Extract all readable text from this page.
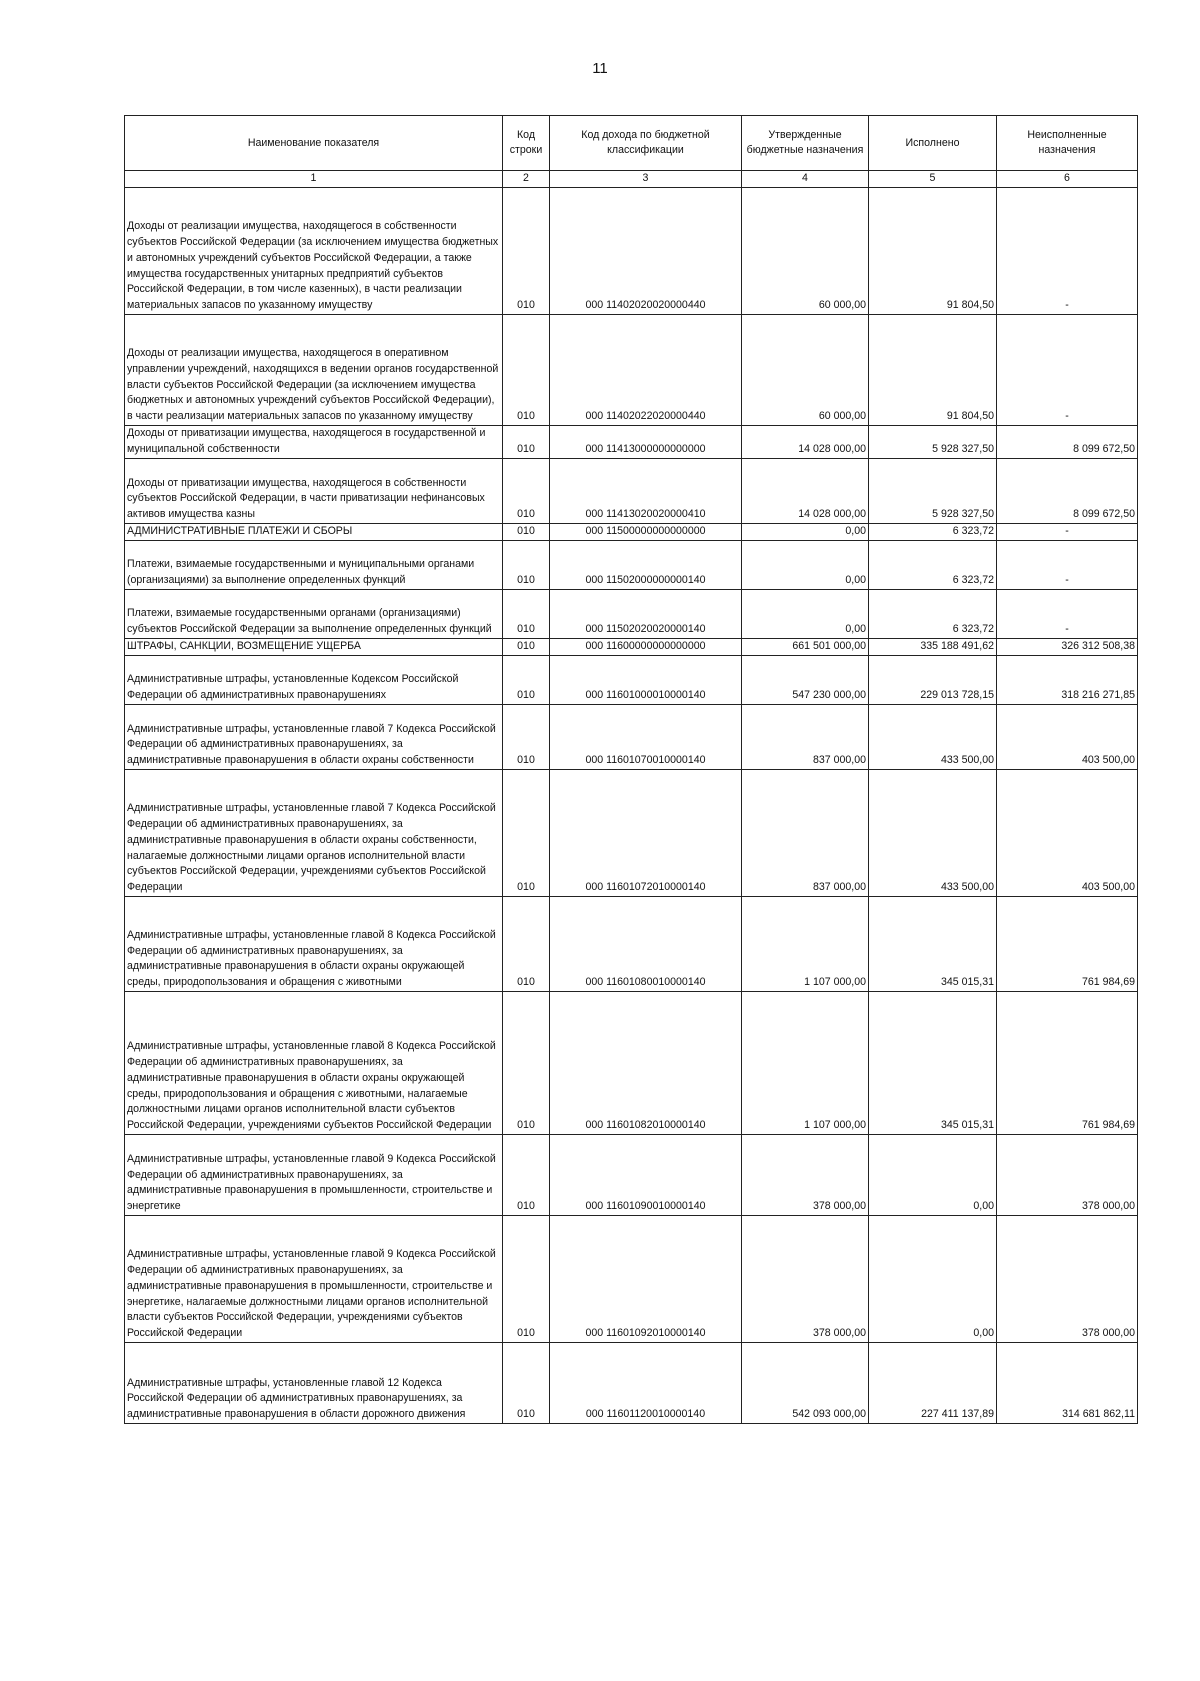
11
Наименование показателя	Код строки	Код дохода по бюджетной классификации	Утвержденные бюджетные назначения	Исполнено	Неисполненные назначения
1	2	3	4	5	6
Доходы от реализации имущества, находящегося в собственности субъектов Российской Федерации (за исключением имущества бюджетных и автономных учреждений субъектов Российской Федерации, а также имущества государственных унитарных предприятий субъектов Российской Федерации, в том числе казенных), в части реализации материальных запасов по указанному имуществу	010	000 11402020020000440	60 000,00	91 804,50	-
Доходы от реализации имущества, находящегося в оперативном управлении учреждений, находящихся в ведении органов государственной власти субъектов Российской Федерации (за исключением имущества бюджетных и автономных учреждений субъектов Российской Федерации), в части реализации материальных запасов по указанному имуществу	010	000 11402022020000440	60 000,00	91 804,50	-
Доходы от приватизации имущества, находящегося в государственной и муниципальной собственности	010	000 11413000000000000	14 028 000,00	5 928 327,50	8 099 672,50
Доходы от приватизации имущества, находящегося в собственности субъектов Российской Федерации, в части приватизации нефинансовых активов имущества казны	010	000 11413020020000410	14 028 000,00	5 928 327,50	8 099 672,50
АДМИНИСТРАТИВНЫЕ ПЛАТЕЖИ И СБОРЫ	010	000 11500000000000000	0,00	6 323,72	-
Платежи, взимаемые государственными и муниципальными органами (организациями) за выполнение определенных функций	010	000 11502000000000140	0,00	6 323,72	-
Платежи, взимаемые государственными органами (организациями) субъектов Российской Федерации за выполнение определенных функций	010	000 11502020020000140	0,00	6 323,72	-
ШТРАФЫ, САНКЦИИ, ВОЗМЕЩЕНИЕ УЩЕРБА	010	000 11600000000000000	661 501 000,00	335 188 491,62	326 312 508,38
Административные штрафы, установленные Кодексом Российской Федерации об административных правонарушениях	010	000 11601000010000140	547 230 000,00	229 013 728,15	318 216 271,85
Административные штрафы, установленные главой 7 Кодекса Российской Федерации об административных правонарушениях, за административные правонарушения в области охраны собственности	010	000 11601070010000140	837 000,00	433 500,00	403 500,00
Административные штрафы, установленные главой 7 Кодекса Российской Федерации об административных правонарушениях, за административные правонарушения в области охраны собственности, налагаемые должностными лицами органов исполнительной власти субъектов Российской Федерации, учреждениями субъектов Российской Федерации	010	000 11601072010000140	837 000,00	433 500,00	403 500,00
Административные штрафы, установленные главой 8 Кодекса Российской Федерации об административных правонарушениях, за административные правонарушения в области охраны окружающей среды, природопользования и обращения с животными	010	000 11601080010000140	1 107 000,00	345 015,31	761 984,69
Административные штрафы, установленные главой 8 Кодекса Российской Федерации об административных правонарушениях, за административные правонарушения в области охраны окружающей среды, природопользования и обращения с животными, налагаемые должностными лицами органов исполнительной власти субъектов Российской Федерации, учреждениями субъектов Российской Федерации	010	000 11601082010000140	1 107 000,00	345 015,31	761 984,69
Административные штрафы, установленные главой 9 Кодекса Российской Федерации об административных правонарушениях, за административные правонарушения в промышленности, строительстве и энергетике	010	000 11601090010000140	378 000,00	0,00	378 000,00
Административные штрафы, установленные главой 9 Кодекса Российской Федерации об административных правонарушениях, за административные правонарушения в промышленности, строительстве и энергетике, налагаемые должностными лицами органов исполнительной власти субъектов Российской Федерации, учреждениями субъектов Российской Федерации	010	000 11601092010000140	378 000,00	0,00	378 000,00
Административные штрафы, установленные главой 12 Кодекса Российской Федерации об административных правонарушениях, за административные правонарушения в области дорожного движения	010	000 11601120010000140	542 093 000,00	227 411 137,89	314 681 862,11
